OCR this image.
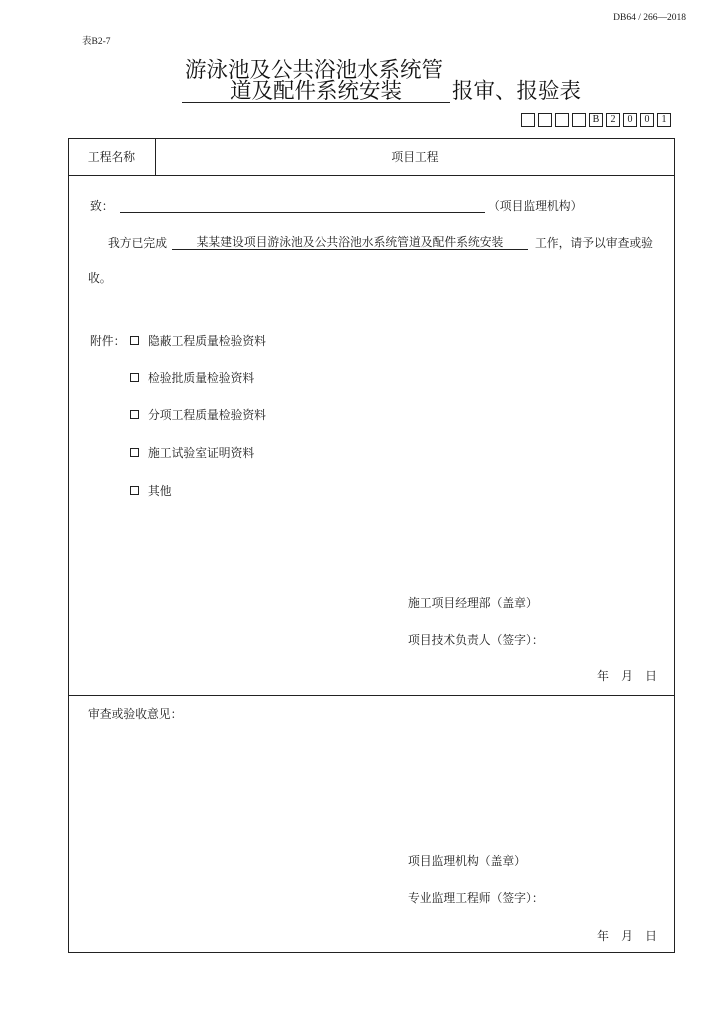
DB64 / 266—2018
表B2-7
游泳池及公共浴池水系统管
道及配件系统安装	报审、报验表
B	2	0	0	1
工程名称	项目工程
致：	（项目监理机构）
我方已完成	某某建设项目游泳池及公共浴池水系统管道及配件系统安装	工作，请予以审查或验
收。
附件： 隐蔽工程质量检验资料
检验批质量检验资料
分项工程质量检验资料
施工试验室证明资料
其他
施工项目经理部（盖章）
项目技术负责人（签字）：
年 月 日
审查或验收意见：
项目监理机构（盖章）
专业监理工程师（签字）：
年 月 日
